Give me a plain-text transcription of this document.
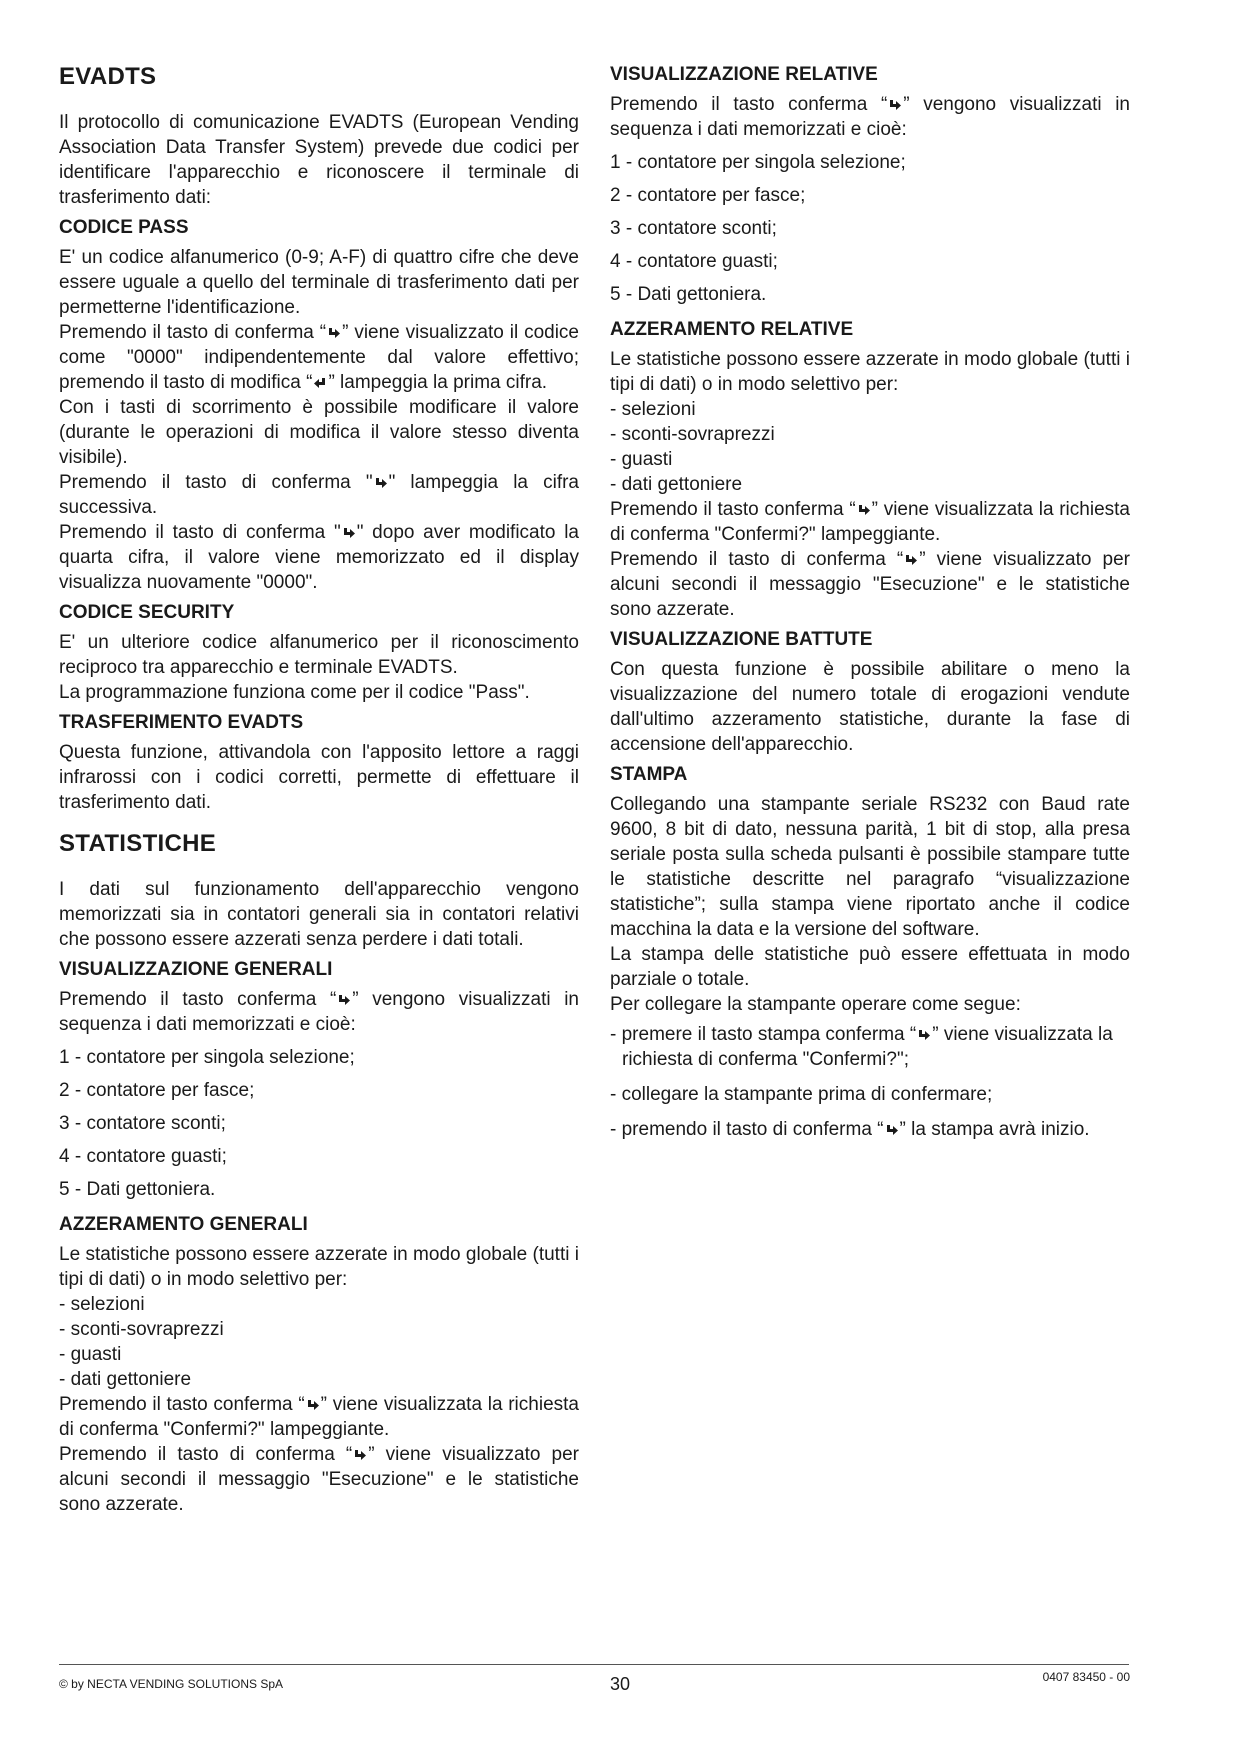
EVADTS

Il protocollo di comunicazione EVADTS (European Vending Association Data Transfer System) prevede due codici per identificare l'apparecchio e riconoscere il terminale di trasferimento dati:

CODICE PASS

E' un codice alfanumerico (0-9; A-F) di quattro cifre che deve essere uguale a quello del terminale di trasferimento dati per permetterne l'identificazione.

Premendo il tasto di conferma “ ” viene visualizzato il codice come "0000" indipendentemente dal valore effettivo; premendo il tasto di modifica “ ” lampeggia la prima cifra.

Con i tasti di scorrimento è possibile modificare il valore (durante le operazioni di modifica il valore stesso diventa visibile).

Premendo il tasto di conferma " " lampeggia la cifra successiva.

Premendo il tasto di conferma " " dopo aver modificato la quarta cifra, il valore viene memorizzato ed il display visualizza nuovamente "0000".

CODICE SECURITY

E' un ulteriore codice alfanumerico per il riconoscimento reciproco tra apparecchio e terminale EVADTS.

La programmazione funziona come per il codice "Pass".

TRASFERIMENTO EVADTS

Questa funzione, attivandola con l'apposito lettore a raggi infrarossi con i codici corretti, permette di effettuare il trasferimento dati.

STATISTICHE

I dati sul funzionamento dell'apparecchio vengono memorizzati sia in contatori generali sia in contatori relativi che possono essere azzerati senza perdere i dati totali.

VISUALIZZAZIONE GENERALI

Premendo il tasto conferma “ ” vengono visualizzati in sequenza i dati memorizzati e cioè:

1 - contatore per singola selezione;

2 - contatore per fasce;

3 - contatore sconti;

4 - contatore guasti;

5 - Dati gettoniera.

AZZERAMENTO GENERALI

Le statistiche possono essere azzerate in modo globale (tutti i tipi di dati) o in modo selettivo per:

- selezioni

- sconti-sovraprezzi

- guasti

- dati gettoniere

Premendo il tasto conferma “ ” viene visualizzata la richiesta di conferma "Confermi?" lampeggiante.

Premendo il tasto di conferma “ ” viene visualizzato per alcuni secondi il messaggio "Esecuzione" e le statistiche sono azzerate.

VISUALIZZAZIONE RELATIVE

Premendo il tasto conferma “ ” vengono visualizzati in sequenza i dati memorizzati e cioè:

1 - contatore per singola selezione;

2 - contatore per fasce;

3 - contatore sconti;

4 - contatore guasti;

5 - Dati gettoniera.

AZZERAMENTO RELATIVE

Le statistiche possono essere azzerate in modo globale (tutti i tipi di dati) o in modo selettivo per:

- selezioni

- sconti-sovraprezzi

- guasti

- dati gettoniere

Premendo il tasto conferma “ ” viene visualizzata la richiesta di conferma "Confermi?" lampeggiante.

Premendo il tasto di conferma “ ” viene visualizzato per alcuni secondi il messaggio "Esecuzione" e le statistiche sono azzerate.

VISUALIZZAZIONE BATTUTE

Con questa funzione è possibile abilitare o meno la visualizzazione del numero totale di erogazioni vendute dall'ultimo azzeramento statistiche, durante la fase di accensione dell'apparecchio.

STAMPA

Collegando una stampante seriale RS232 con Baud rate 9600, 8 bit di dato, nessuna parità, 1 bit di stop, alla presa seriale posta sulla scheda pulsanti è possibile stampare tutte le statistiche descritte nel paragrafo “visualizzazione statistiche”; sulla stampa viene riportato anche il codice macchina la data e la versione del software.

La stampa delle statistiche può essere effettuata in modo parziale o totale.

Per collegare la stampante operare come segue:

- premere il tasto stampa conferma “ ” viene visualizzata la richiesta di conferma "Confermi?";

- collegare la stampante prima di confermare;

- premendo il tasto di conferma “ ” la stampa avrà inizio.

© by NECTA VENDING SOLUTIONS SpA	30	0407 83450 - 00
